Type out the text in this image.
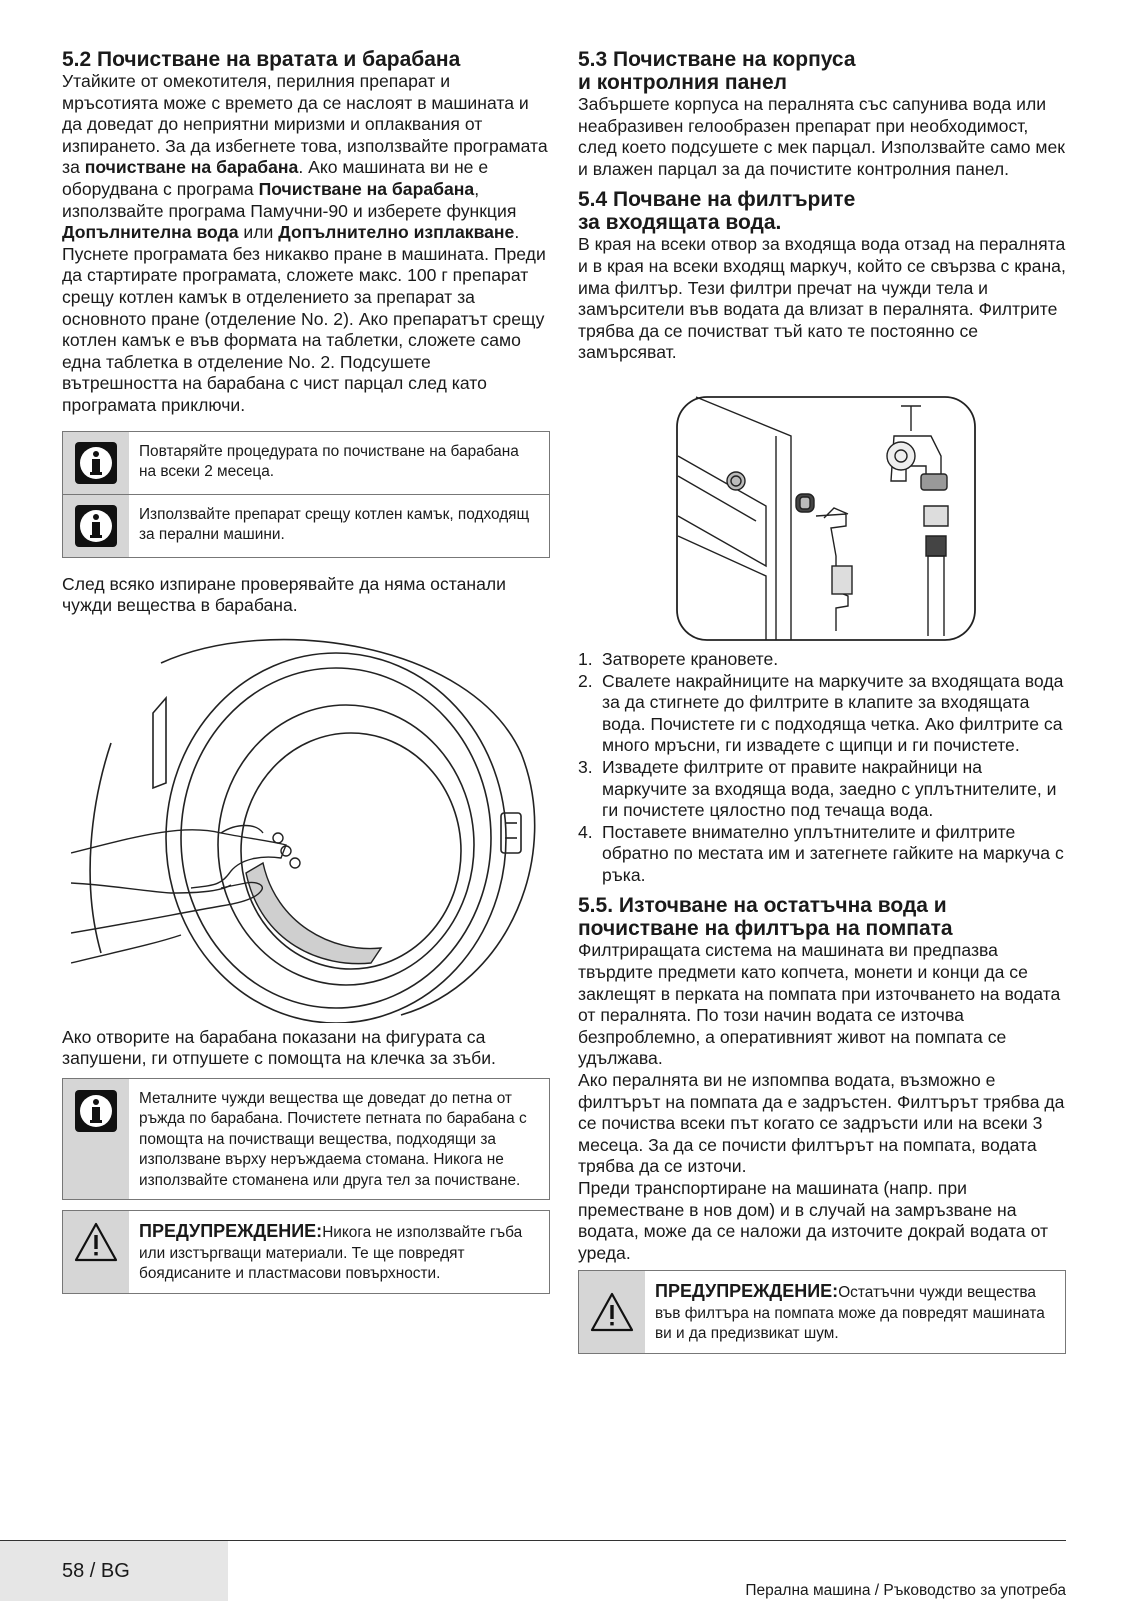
5.2 Почистване на вратата и барабана

Утайките от омекотителя, перилния препарат и мръсотията може с времето да се наслоят в машината и да доведат до неприятни миризми и оплаквания от изпирането. За да избегнете това, използвайте програмата за почистване на барабана. Ако машината ви не е оборудвана с програма Почистване на барабана, използвайте програма Памучни-90 и изберете функция Допълнителна вода или Допълнително изплакване. Пуснете програмата без никакво пране в машината. Преди да стартирате програмата, сложете макс. 100 г препарат срещу котлен камък в отделението за препарат за основното пране (отделение No. 2). Ако препаратът срещу котлен камък е във формата на таблетки, сложете само една таблетка в отделение No. 2. Подсушете вътрешността на барабана с чист парцал след като програмата приключи.

Повтаряйте процедурата по почистване на барабана на всеки 2 месеца.
Използвайте препарат срещу котлен камък, подходящ за перални машини.

След всяко изпиране проверявайте да няма останали чужди вещества в барабана.

Ако отворите на барабана показани на фигурата са запушени, ги отпушете с помощта на клечка за зъби.

Металните чужди вещества ще доведат до петна от ръжда по барабана. Почистете петната по барабана с помощта на почистващи вещества, подходящи за използване върху неръждаема стомана. Никога не използвайте стоманена или друга тел за почистване.
ПРЕДУПРЕЖДЕНИЕ:Никога не използвайте гъба или изстъргващи материали. Те ще повредят боядисаните и пластмасови повърхности.
5.3 Почистване на корпуса
и контролния панел

Забършете корпуса на пералнята със сапунива вода или неабразивен гелообразен препарат при необходимост, след което подсушете с мек парцал. Използвайте само мек и влажен парцал за да почистите контролния панел.

5.4 Почване на филтърите
за входящата вода.

В края на всеки отвор за входяща вода отзад на пералнята и в края на всеки входящ маркуч, който се свързва с крана, има филтър. Тези филтри пречат на чужди тела и замърсители във водата да влизат в пералнята. Филтрите трябва да се почистват тъй като те постоянно се замърсяват.

1. Затворете крановете.
2. Свалете накрайниците на маркучите за входящата вода за да стигнете до филтрите в клапите за входящата вода. Почистете ги с подходяща четка. Ако филтрите са много мръсни, ги извадете с щипци и ги почистете.
3. Извадете филтрите от правите накрайници на маркучите за входяща вода, заедно с уплътнителите, и ги почистете цялостно под течаща вода.
4. Поставете внимателно уплътнителите и филтрите обратно по местата им и затегнете гайките на маркуча с ръка.
5.5. Източване на остатъчна вода и
почистване на филтъра на помпата

Филтриращата система на машината ви предпазва твърдите предмети като копчета, монети и конци да се заклещят в перката на помпата при източването на водата от пералнята. По този начин водата се източва безпроблемно, а оперативният живот на помпата се удължава.

Ако пералнята ви не изпомпва водата, възможно е филтърът на помпата да е задръстен. Филтърът трябва да се почиства всеки път когато се задръсти или на всеки 3 месеца. За да се почисти филтърът на помпата, водата трябва да се източи.

Преди транспортиране на машината (напр. при преместване в нов дом) и в случай на замръзване на водата, може да се наложи да източите докрай водата от уреда.

ПРЕДУПРЕЖДЕНИЕ:Остатъчни чужди вещества във филтъра на помпата може да повредят машината ви и да предизвикат шум.
58 / BG
Перална машина / Ръководство за употреба
